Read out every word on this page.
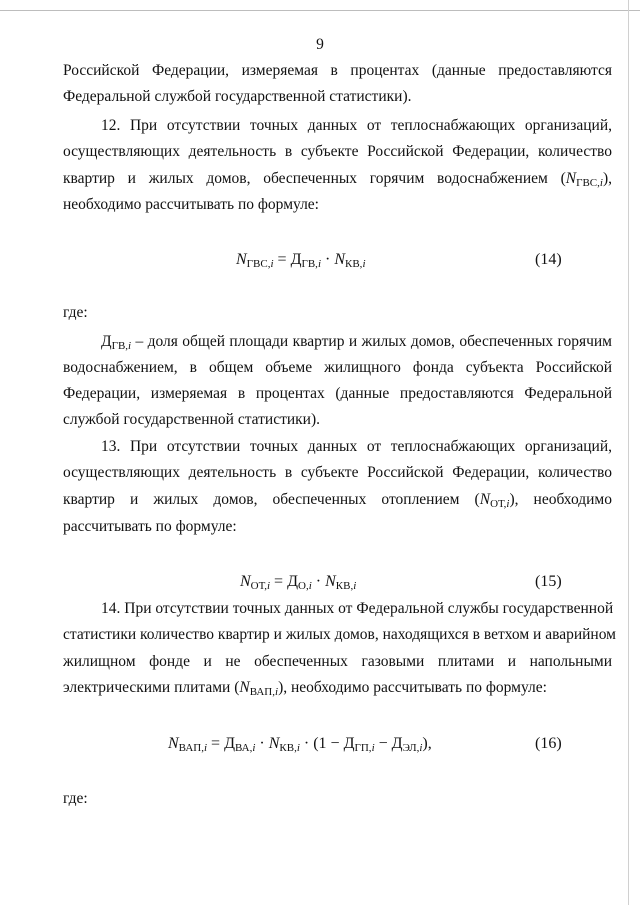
9
Российской Федерации, измеряемая в процентах (данные предоставляются
Федеральной службой государственной статистики).
12. При отсутствии точных данных от теплоснабжающих организаций,
осуществляющих деятельность в субъекте Российской Федерации, количество
квартир и жилых домов, обеспеченных горячим водоснабжением $(N_{ГВС,i})$,
необходимо рассчитывать по формуле:
$N_{ГВС,i} = Д_{ГВ,i} \cdot N_{КВ,i}$	(14)
где:
$Д_{ГВ,i}$ – доля общей площади квартир и жилых домов, обеспеченных горячим
водоснабжением, в общем объеме жилищного фонда субъекта Российской
Федерации, измеряемая в процентах (данные предоставляются Федеральной
службой государственной статистики).
13. При отсутствии точных данных от теплоснабжающих организаций,
осуществляющих деятельность в субъекте Российской Федерации, количество
квартир и жилых домов, обеспеченных отоплением $(N_{ОТ,i})$, необходимо
рассчитывать по формуле:
$N_{ОТ,i} = Д_{О,i} \cdot N_{КВ,i}$	(15)
14. При отсутствии точных данных от Федеральной службы государственной
статистики количество квартир и жилых домов, находящихся в ветхом и аварийном
жилищном фонде и не обеспеченных газовыми плитами и напольными
электрическими плитами $(N_{ВАП,i})$, необходимо рассчитывать по формуле:
$N_{ВАП,i} = Д_{ВА,i} \cdot N_{КВ,i} \cdot (1 - Д_{ГП,i} - Д_{ЭЛ,i})$,	(16)
где:
